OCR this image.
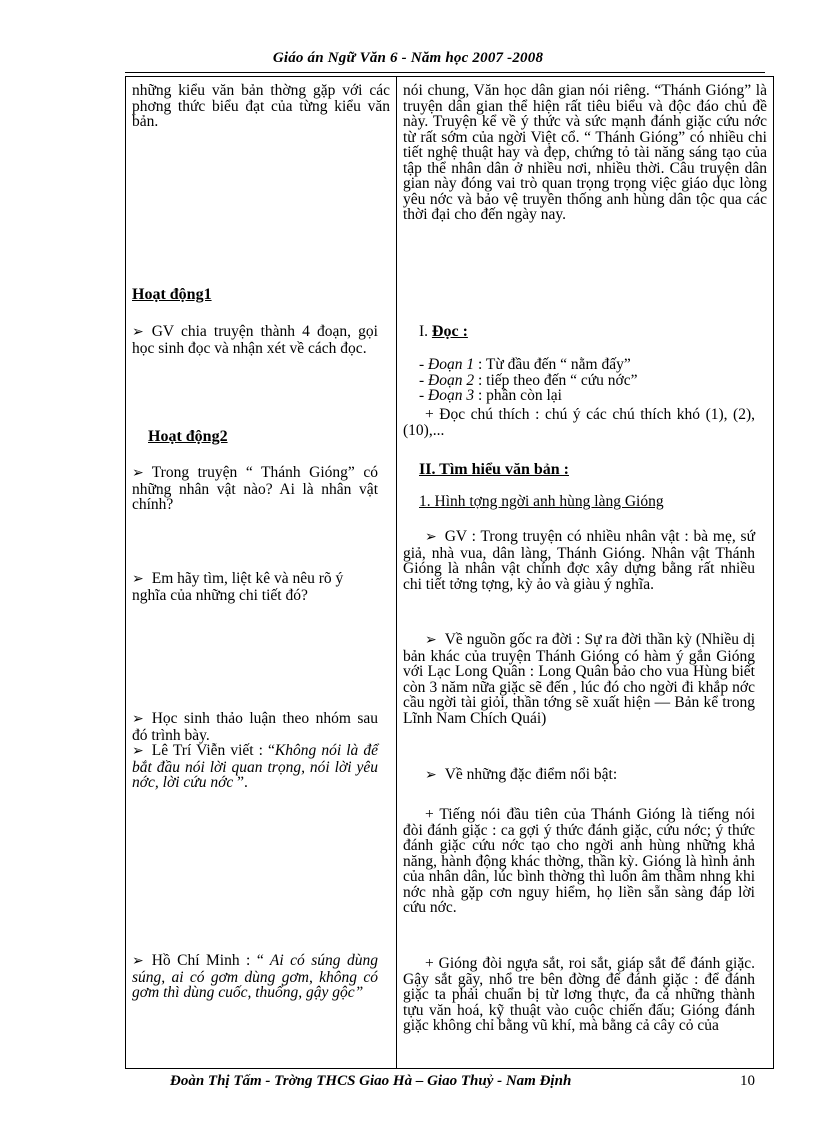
Giáo án Ngữ Văn 6 - Năm học 2007 -2008

những kiểu văn bản thờng gặp với các phơng thức biểu đạt của từng kiểu văn bản.

Hoạt động1
➢ GV chia truyện thành 4 đoạn, gọi học sinh đọc và nhận xét về cách đọc.
Hoạt động2
➢ Trong truyện “ Thánh Gióng” có những nhân vật nào? Ai là nhân vật chính?
➢ Em hãy tìm, liệt kê và nêu rõ ý nghĩa của những chi tiết đó?
➢ Học sinh thảo luận theo nhóm sau đó trình bày.
➢ Lê Trí Viễn viết : “Không nói là để bắt đầu nói lời quan trọng, nói lời yêu nớc, lời cứu nớc ”.
➢ Hồ Chí Minh : “ Ai có súng dùng súng, ai có gơm dùng gơm, không có gơm thì dùng cuốc, thuổng, gậy gộc”

nói chung, Văn học dân gian nói riêng. “Thánh Gióng” là truyện dân gian thể hiện rất tiêu biểu và độc đáo chủ đề này. Truyện kể về ý thức và sức mạnh đánh giặc cứu nớc từ rất sớm của ngời Việt cổ. “ Thánh Gióng” có nhiều chi tiết nghệ thuật hay và đẹp, chứng tỏ tài năng sáng tạo của tập thể nhân dân ở nhiều nơi, nhiều thời. Câu truyện dân gian này đóng vai trò quan trọng trọng việc giáo dục lòng yêu nớc và bảo vệ truyền thống anh hùng dân tộc qua các thời đại cho đến ngày nay.

I. Đọc :
- Đoạn 1 : Từ đầu đến “ nằm đấy”
- Đoạn 2 : tiếp theo đến “ cứu nớc”
- Đoạn 3 : phần còn lại
+ Đọc chú thích : chú ý các chú thích khó (1), (2), (10),...
II. Tìm hiểu văn bản :
1. Hình tợng ngời anh hùng làng Gióng
➢ GV : Trong truyện có nhiều nhân vật : bà mẹ, sứ giả, nhà vua, dân làng, Thánh Gióng. Nhân vật Thánh Gióng là nhân vật chính đợc xây dựng bằng rất nhiều chi tiết tởng tợng, kỳ ảo và giàu ý nghĩa.
➢ Về nguồn gốc ra đời : Sự ra đời thần kỳ (Nhiều dị bản khác của truyện Thánh Gióng có hàm ý gắn Gióng với Lạc Long Quân : Long Quân bảo cho vua Hùng biết còn 3 năm nữa giặc sẽ đến , lúc đó cho ngời đi khắp nớc cầu ngời tài giỏi, thần tớng sẽ xuất hiện — Bản kể trong Lĩnh Nam Chích Quái)
➢ Về những đặc điểm nổi bật:
+ Tiếng nói đầu tiên của Thánh Gióng là tiếng nói đòi đánh giặc : ca gợi ý thức đánh giặc, cứu nớc; ý thức đánh giặc cứu nớc tạo cho ngời anh hùng những khả năng, hành động khác thờng, thần kỳ. Gióng là hình ảnh của nhân dân, lúc bình thờng thì luôn âm thầm nhng khi nớc nhà gặp cơn nguy hiểm, họ liền sẵn sàng đáp lời cứu nớc.
+ Gióng đòi ngựa sắt, roi sắt, giáp sắt để đánh giặc. Gậy sắt gãy, nhổ tre bên đờng để đánh giặc : để đánh giặc ta phải chuẩn bị từ lơng thực, đa cả những thành tựu văn hoá, kỹ thuật vào cuộc chiến đấu; Gióng đánh giặc không chỉ bằng vũ khí, mà bằng cả cây cỏ của
Đoàn Thị Tấm - Trờng THCS Giao Hà – Giao Thuỷ - Nam Định	10
